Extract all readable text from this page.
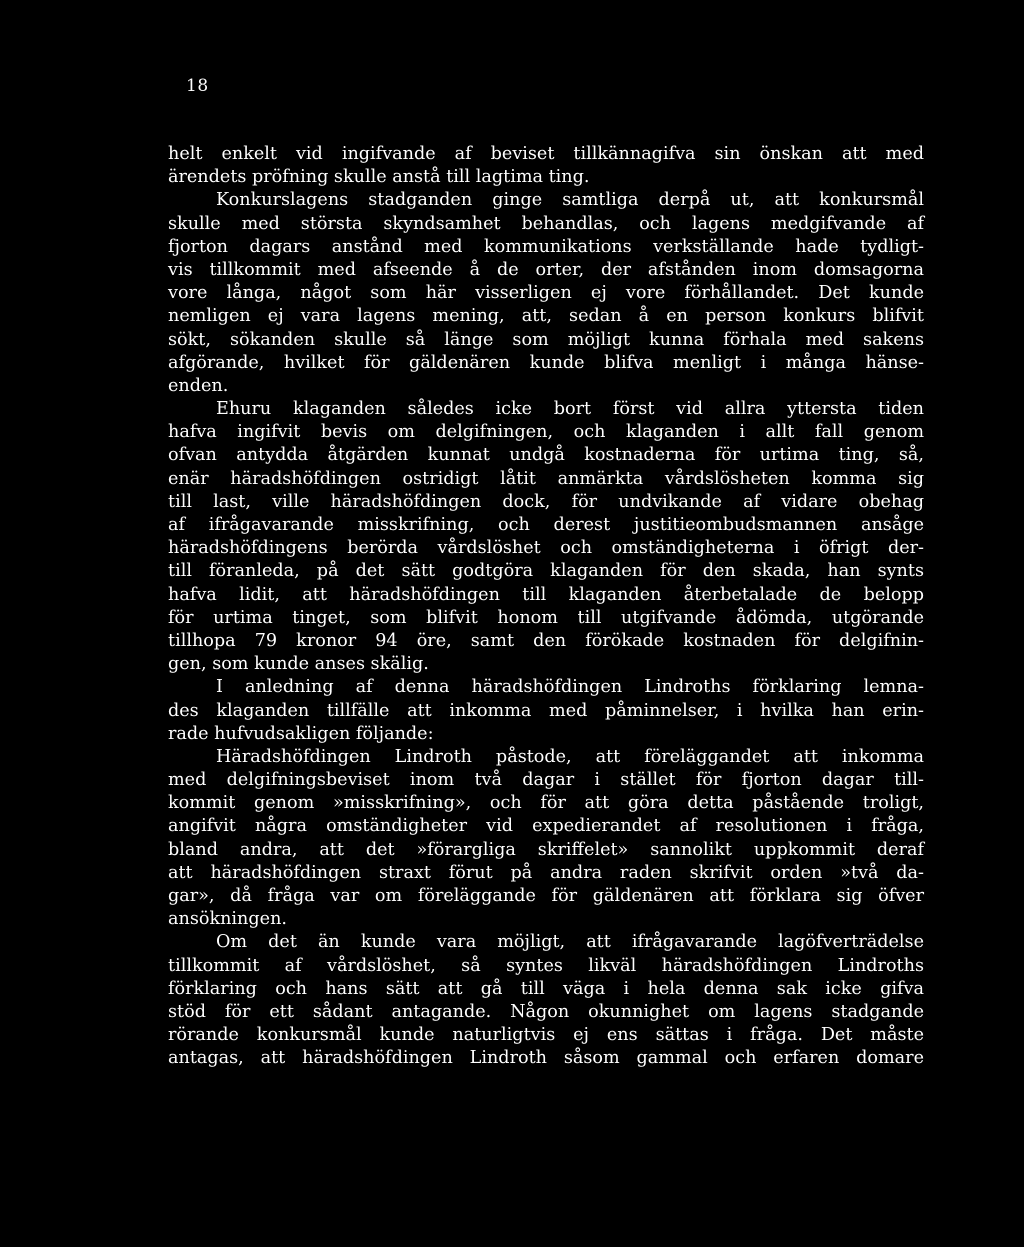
18
helt enkelt vid ingifvande af beviset tillkännagifva sin önskan att med
ärendets pröfning skulle anstå till lagtima ting.
Konkurslagens stadganden ginge samtliga derpå ut, att konkursmål
skulle med största skyndsamhet behandlas, och lagens medgifvande af
fjorton dagars anstånd med kommunikations verkställande hade tydligt-
vis tillkommit med afseende å de orter, der afstånden inom domsagorna
vore långa, något som här visserligen ej vore förhållandet. Det kunde
nemligen ej vara lagens mening, att, sedan å en person konkurs blifvit
sökt, sökanden skulle så länge som möjligt kunna förhala med sakens
afgörande, hvilket för gäldenären kunde blifva menligt i många hänse-
enden.
Ehuru klaganden således icke bort först vid allra yttersta tiden
hafva ingifvit bevis om delgifningen, och klaganden i allt fall genom
ofvan antydda åtgärden kunnat undgå kostnaderna för urtima ting, så,
enär häradshöfdingen ostridigt låtit anmärkta vårdslösheten komma sig
till last, ville häradshöfdingen dock, för undvikande af vidare obehag
af ifrågavarande misskrifning, och derest justitieombudsmannen ansåge
häradshöfdingens berörda vårdslöshet och omständigheterna i öfrigt der-
till föranleda, på det sätt godtgöra klaganden för den skada, han synts
hafva lidit, att häradshöfdingen till klaganden återbetalade de belopp
för urtima tinget, som blifvit honom till utgifvande ådömda, utgörande
tillhopa 79 kronor 94 öre, samt den förökade kostnaden för delgifnin-
gen, som kunde anses skälig.
I anledning af denna häradshöfdingen Lindroths förklaring lemna-
des klaganden tillfälle att inkomma med påminnelser, i hvilka han erin-
rade hufvudsakligen följande:
Häradshöfdingen Lindroth påstode, att föreläggandet att inkomma
med delgifningsbeviset inom två dagar i stället för fjorton dagar till-
kommit genom »misskrifning», och för att göra detta påstående troligt,
angifvit några omständigheter vid expedierandet af resolutionen i fråga,
bland andra, att det »förargliga skriffelet» sannolikt uppkommit deraf
att häradshöfdingen straxt förut på andra raden skrifvit orden »två da-
gar», då fråga var om föreläggande för gäldenären att förklara sig öfver
ansökningen.
Om det än kunde vara möjligt, att ifrågavarande lagöfverträdelse
tillkommit af vårdslöshet, så syntes likväl häradshöfdingen Lindroths
förklaring och hans sätt att gå till väga i hela denna sak icke gifva
stöd för ett sådant antagande. Någon okunnighet om lagens stadgande
rörande konkursmål kunde naturligtvis ej ens sättas i fråga. Det måste
antagas, att häradshöfdingen Lindroth såsom gammal och erfaren domare
